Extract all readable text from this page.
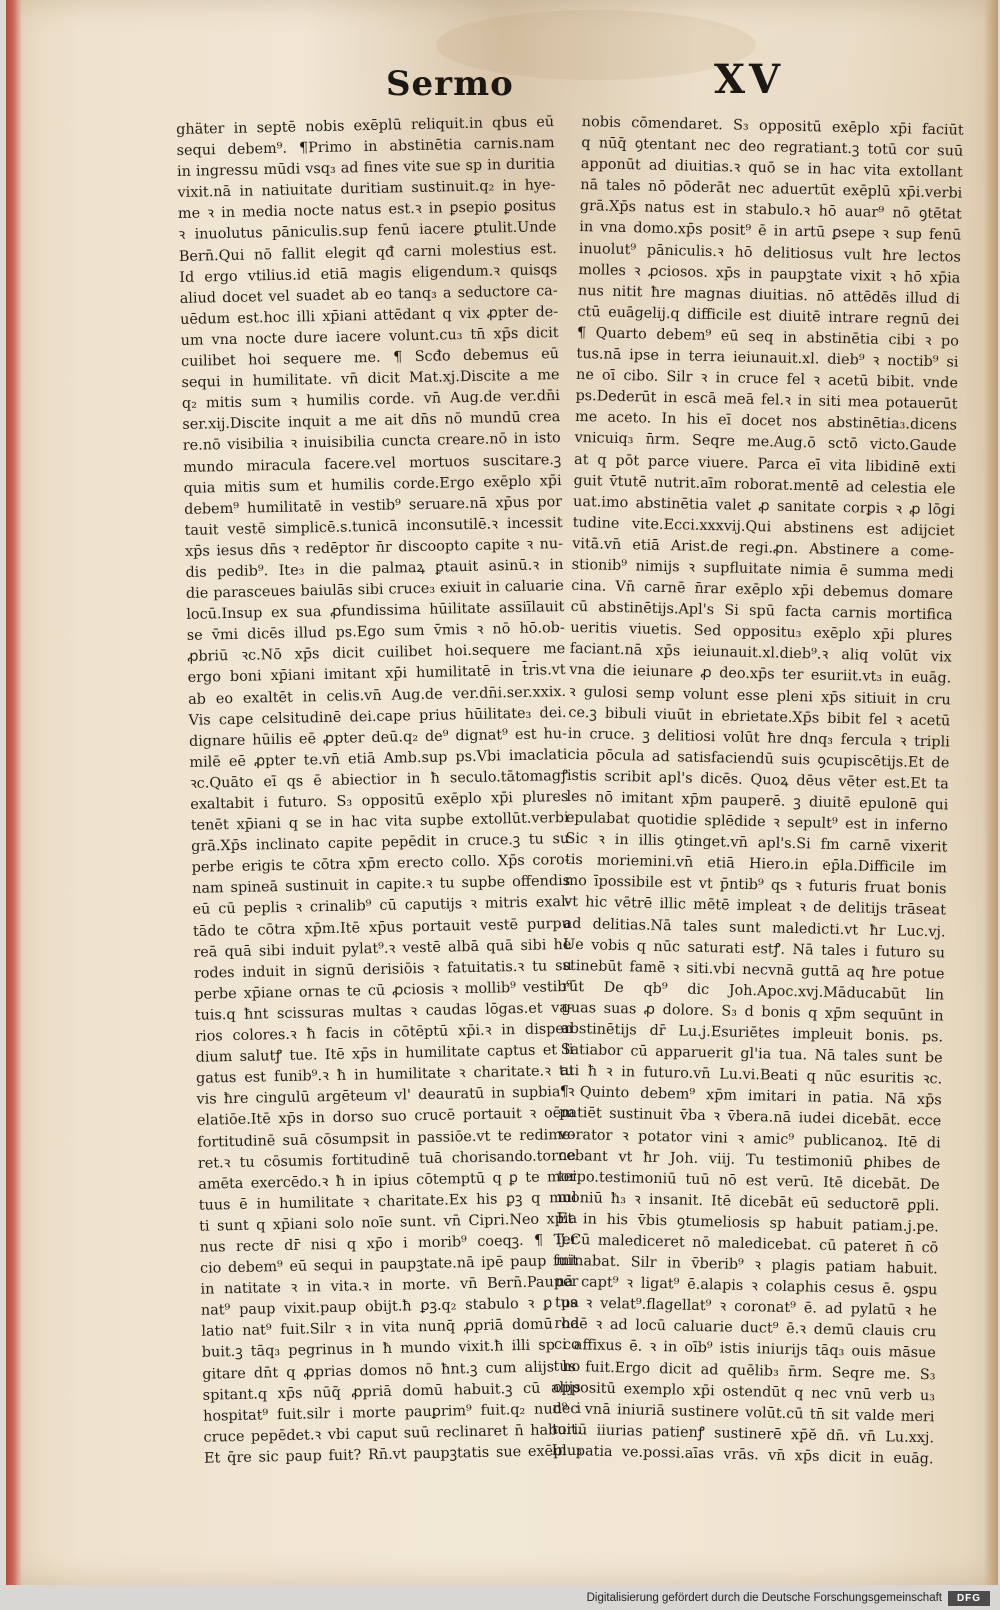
Sermo	XV
ghäter in septē nobis exēplū reliquit.in qbus eū
sequi debem⁹. ¶Primo in abstinētia carnis.nam
in ingressu mūdi vsq₃ ad fines vite sue sp in duritia
vixit.nā in natiuitate duritiam sustinuit.q₂ in hye-
me ꝛ in media nocte natus est.ꝛ in ꝑsepio ꝑositus
ꝛ inuolutus pāniculis.sup fenū iacere ꝑtulit.Unde
Bern̄.Qui nō fallit elegit qđ carni molestius est.
Id ergo vtilius.id etiā magis eligendum.ꝛ quisqs
aliud docet vel suadet ab eo tanq₃ a seductore ca-
uēdum est.hoc illi xp̄iani attēdant q vix ꝓpter de-
um vna nocte dure iacere volunt.cu₃ tn̄ xp̄s dicit
cuilibet hoi sequere me. ¶ Scđo debemus eū
sequi in humilitate. vn̄ dicit Mat.xj.Discite a me
q₂ mitis sum ꝛ humilis corde. vn̄ Aug.de ver.dn̄i
ser.xij.Discite inquit a me ait dn̄s nō mundū crea
re.nō visibilia ꝛ inuisibilia cuncta creare.nō in isto
mundo miracula facere.vel mortuos suscitare.ꝫ
quia mitis sum et humilis corde.Ergo exēplo xp̄i
debem⁹ humilitatē in vestib⁹ seruare.nā xp̄us por
tauit vestē simplicē.s.tunicā inconsutilē.ꝛ incessit
xp̄s iesus dn̄s ꝛ redēptor n̄r discoopto capite ꝛ nu-
dis pedib⁹. Ite₃ in die palmaꝝ ꝑtauit asinū.ꝛ in
die parasceues baiulās sibi cruce₃ exiuit in caluarie
locū.Insup ex sua ꝓfundissima hūilitate assiīlauit
se v̄mi dicēs illud ps.Ego sum v̄mis ꝛ nō hō.ob-
ꝓbriū ꝛc.Nō xp̄s dicit cuilibet hoi.sequere me
ergo boni xp̄iani imitant xp̄i humilitatē in t̄ris.vt
ab eo exaltēt in celis.vn̄ Aug.de ver.dn̄i.ser.xxix.
Vis cape celsitudinē dei.cape prius hūilitate₃ dei.
dignare hūilis eē ꝓpter deū.q₂ de⁹ dignat⁹ est hu-
milē eē ꝓpter te.vn̄ etiā Amb.sup ps.Vbi imaclati
ꝛc.Quāto eī qs ē abiectior in ħ seculo.tātomagꝭ
exaltabit i futuro. S₃ oppositū exēplo xp̄i plures
tenēt xp̄iani q se in hac vita supbe extollūt.verbi
grā.Xp̄s inclinato capite pepēdit in cruce.ꝫ tu su
perbe erigis te cōtra xp̄m erecto collo. Xp̄s coro-
nam spineā sustinuit in capite.ꝛ tu supbe offendis
eū cū peplis ꝛ crinalib⁹ cū caputijs ꝛ mitris exal-
tādo te cōtra xp̄m.Itē xp̄us portauit vestē purpu
reā quā sibi induit pylat⁹.ꝛ vestē albā quā sibi he
rodes induit in signū derisiōis ꝛ fatuitatis.ꝛ tu su
perbe xp̄iane ornas te cū ꝓciosis ꝛ mollib⁹ vestib⁹
tuis.q ħnt scissuras multas ꝛ caudas lōgas.et va-
rios colores.ꝛ ħ facis in cōtēptū xp̄i.ꝛ in dispen
dium salutꝭ tue. Itē xp̄s in humilitate captus et li
gatus est funib⁹.ꝛ ħ in humilitate ꝛ charitate.ꝛ tu
vis ħre cingulū argēteum vl' deauratū in supbia ꝛ
elatiōe.Itē xp̄s in dorso suo crucē portauit ꝛ oēm
fortitudinē suā cōsumpsit in passiōe.vt te redime-
ret.ꝛ tu cōsumis fortitudinē tuā chorisando.torne
amēta exercēdo.ꝛ ħ in ipius cōtemptū q ꝑ te mor
tuus ē in humilitate ꝛ charitate.Ex his ꝑꝫ q mul
ti sunt q xp̄iani solo noīe sunt. vn̄ Cipri.Neo xp̄ia
nus recte dr̄ nisi q xp̄o i morib⁹ coeqꝫ. ¶ Ter
cio debem⁹ eū sequi in paupꝫtate.nā ipē paup fuit
in natitate ꝛ in vita.ꝛ in morte. vn̄ Bern̄.Pauper
nat⁹ paup vixit.paup obijt.ħ ꝑꝫ.q₂ stabulo ꝛ ꝑ pa
latio nat⁹ fuit.Silr ꝛ in vita nunq̄ ꝓpriā domū ha
buit.ꝫ tāq₃ pegrinus in ħ mundo vixit.ħ illi sp co
gitare dn̄t q ꝓprias domos nō ħnt.ꝫ cum alijs ho
spitant.q xp̄s nūq̄ ꝓpriā domū habuit.ꝫ cū alijs
hospitat⁹ fuit.silr i morte pauꝑrim⁹ fuit.q₂ nud⁹ i
cruce pepēdet.ꝛ vbi caput suū reclinaret n̄ habuit.
Et q̄re sic paup fuit? Rn̄.vt paupꝫtatis sue exēplu₃
nobis cōmendaret. S₃ oppositū exēplo xp̄i faciūt
q nūq̄ ꝯtentant nec deo regratiant.ꝫ totū cor suū
apponūt ad diuitias.ꝛ quō se in hac vita extollant
nā tales nō pōderāt nec aduertūt exēplū xp̄i.verbi
grā.Xp̄s natus est in stabulo.ꝛ hō auar⁹ nō ꝯtētat
in vna domo.xp̄s posit⁹ ē in artū ꝑsepe ꝛ sup fenū
inuolut⁹ pāniculis.ꝛ hō delitiosus vult ħre lectos
molles ꝛ ꝓciosos. xp̄s in paupꝫtate vixit ꝛ hō xp̄ia
nus nitit ħre magnas diuitias. nō attēdēs illud di
ctū euāgelij.q difficile est diuitē intrare regnū dei
¶ Quarto debem⁹ eū seq in abstinētia cibi ꝛ po
tus.nā ipse in terra ieiunauit.xl. dieb⁹ ꝛ noctib⁹ si
ne oī cibo. Silr ꝛ in cruce fel ꝛ acetū bibit. vnde
ps.Dederūt in escā meā fel.ꝛ in siti mea potauerūt
me aceto. In his eī docet nos abstinētia₃.dicens
vnicuiq₃ n̄rm. Seqre me.Aug.ō sctō victo.Gaude
at q pōt parce viuere. Parca eī vita libidinē exti
guit v̄tutē nutrit.aīm roborat.mentē ad celestia ele
uat.imo abstinētia valet ꝓ sanitate corꝑis ꝛ ꝓ lōgi
tudine vite.Ecci.xxxvij.Qui abstinens est adijciet
vitā.vn̄ etiā Arist.de regi.ꝓn. Abstinere a come-
stionib⁹ nimijs ꝛ supfluitate nimia ē summa medi
cina. Vn̄ carnē n̄rar exēplo xp̄i debemus domare
cū abstinētijs.Apl's Si spū facta carnis mortifica
ueritis viuetis. Sed oppositu₃ exēplo xp̄i plures
faciant.nā xp̄s ieiunauit.xl.dieb⁹.ꝛ aliq volūt vix
vna die ieiunare ꝓ deo.xp̄s ter esuriit.vt₃ in euāg.
ꝛ gulosi semp volunt esse pleni xp̄s sitiuit in cru
ce.ꝫ bibuli viuūt in ebrietate.Xp̄s bibit fel ꝛ acetū
in cruce. ꝫ delitiosi volūt ħre dnq₃ fercula ꝛ tripli
cia pōcula ad satisfaciendū suis ꝯcupiscētijs.Et de
istis scribit apl's dicēs. Quoꝝ dēus vēter est.Et ta
les nō imitant xp̄m pauperē. ꝫ diuitē epulonē qui
epulabat quotidie splēdide ꝛ sepult⁹ est in inferno
Sic ꝛ in illis ꝯtinget.vn̄ apl's.Si fm carnē vixerit
tis moriemini.vn̄ etiā Hiero.in ep̄la.Difficile im
mo īpossibile est vt p̄ntib⁹ qs ꝛ futuris fruat bonis
vt hic vētrē illic mētē impleat ꝛ de delitijs trāseat
ad delitias.Nā tales sunt maledicti.vt ħr Luc.vj.
Ue vobis q nūc saturati estꝭ. Nā tales i futuro su
stinebūt famē ꝛ siti.vbi necvnā guttā aq ħre potue
rūt De qb⁹ dic Joh.Apoc.xvj.Māducabūt lin
guas suas ꝓ dolore. S₃ d bonis q xp̄m sequūnt in
abstinētijs dr̄ Lu.j.Esuriētes impleuit bonis. ps.
Satiabor cū apparuerit gl'ia tua. Nā tales sunt be
ati ħ ꝛ in futuro.vn̄ Lu.vi.Beati q nūc esuritis ꝛc.
¶ Quinto debem⁹ xp̄m imitari in patia. Nā xp̄s
patiēt sustinuit v̄ba ꝛ v̄bera.nā iudei dicebāt. ecce
vorator ꝛ potator vini ꝛ amic⁹ publicanoꝝ. Itē di
cebant vt ħr Joh. viij. Tu testimoniū ꝑhibes de
teipo.testimoniū tuū nō est verū. Itē dicebāt. De
moniū ħ₃ ꝛ insanit. Itē dicebāt eū seductorē ꝑpli.
Et in his v̄bis ꝯtumeliosis sp habuit patiam.j.pe.
ij.Cū malediceret nō maledicebat. cū pateret n̄ cō
minabat. Silr in v̄berib⁹ ꝛ plagis patiam habuit.
nā capt⁹ ꝛ ligat⁹ ē.alapis ꝛ colaphis cesus ē. ꝯspu
tus ꝛ velat⁹.flagellat⁹ ꝛ coronat⁹ ē. ad pylatū ꝛ he
rodē ꝛ ad locū caluarie duct⁹ ē.ꝛ demū clauis cru
ci affixus ē. ꝛ in oīb⁹ istis iniurijs tāq₃ ouis māsue
tus fuit.Ergo dicit ad quēlib₃ n̄rm. Seqre me. S₃
oppositū exemplo xp̄i ostendūt q nec vnū verb u₃
nec vnā iniuriā sustinere volūt.cū tn̄ sit valde meri
toriū iiurias patienꝭ sustinerē xp̄ĕ dn̄. vn̄ Lu.xxj.
In patia ve.possi.aīas vrās. vn̄ xp̄s dicit in euāg.
Digitalisierung gefördert durch die Deutsche Forschungsgemeinschaft	DFG
